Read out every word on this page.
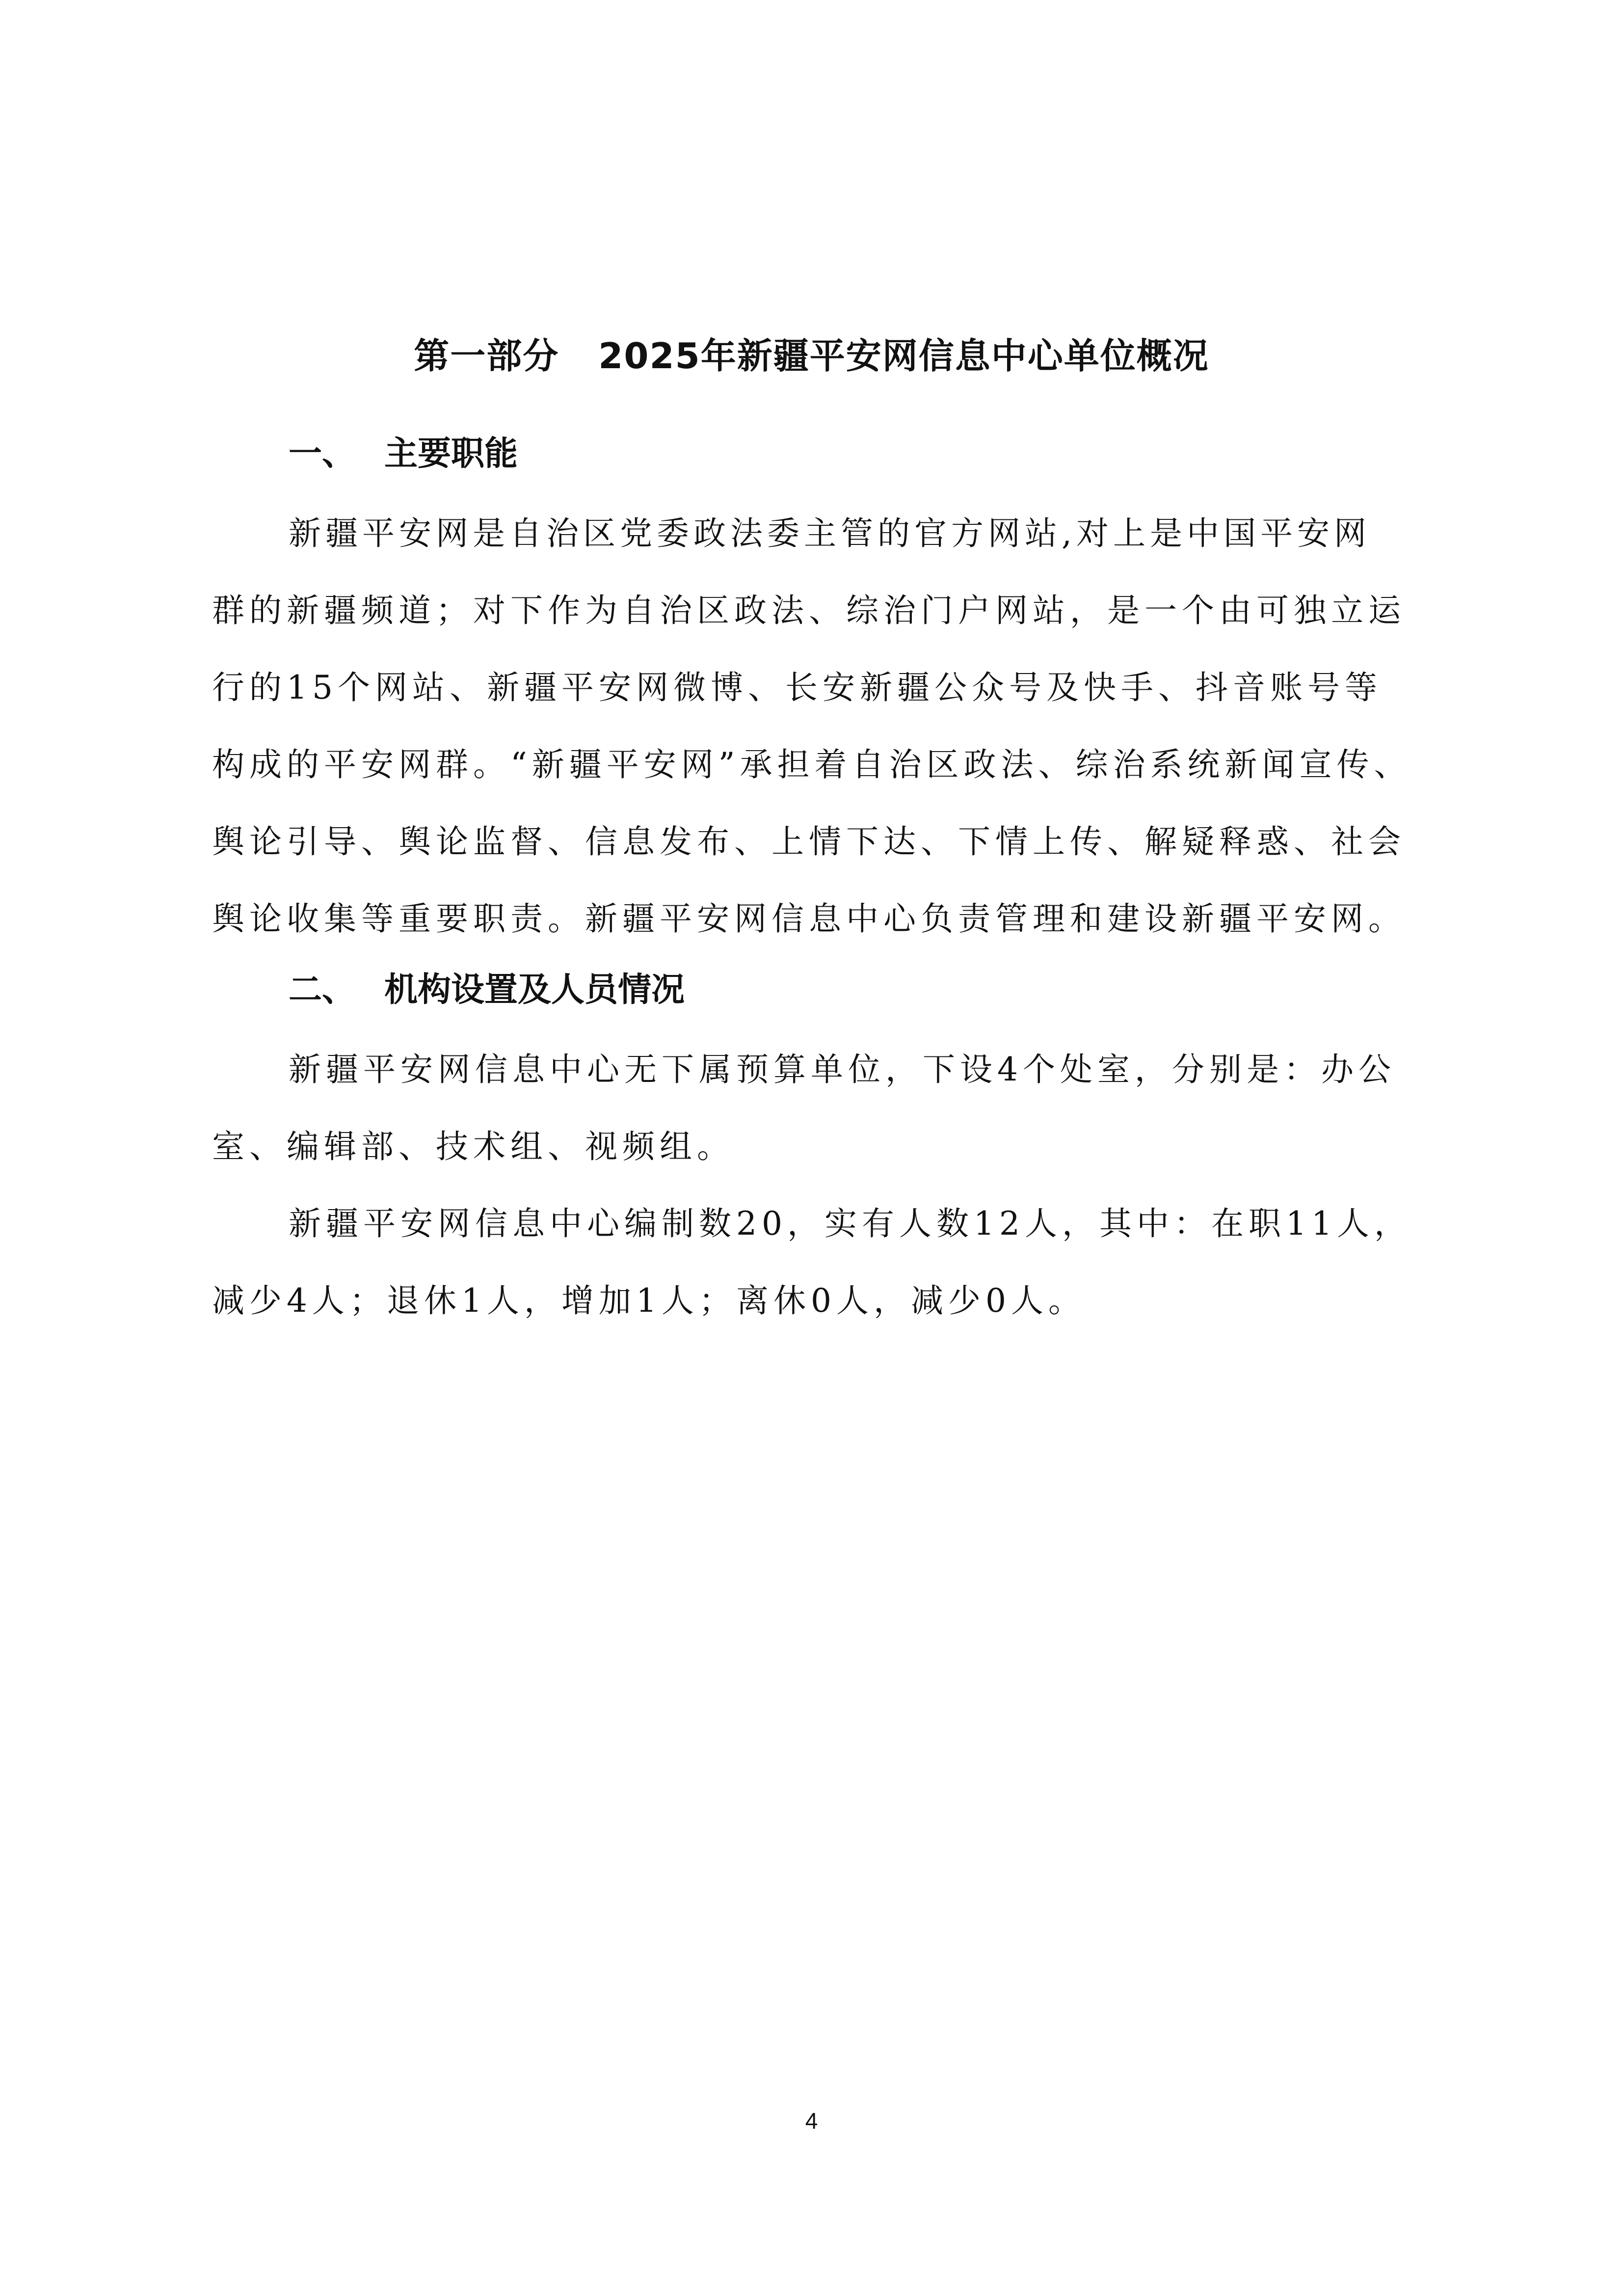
第一部分 2025年新疆平安网信息中心单位概况
一、 主要职能
新疆平安网是自治区党委政法委主管的官方网站,对上是中国平安网
群的新疆频道；对下作为自治区政法、综治门户网站，是一个由可独立运
行的15个网站、新疆平安网微博、长安新疆公众号及快手、抖音账号等
构成的平安网群。“新疆平安网”承担着自治区政法、综治系统新闻宣传、
舆论引导、舆论监督、信息发布、上情下达、下情上传、解疑释惑、社会
舆论收集等重要职责。新疆平安网信息中心负责管理和建设新疆平安网。
二、 机构设置及人员情况
新疆平安网信息中心无下属预算单位，下设4个处室，分别是：办公
室、编辑部、技术组、视频组。
新疆平安网信息中心编制数20，实有人数12人，其中：在职11人，
减少4人；退休1人，增加1人；离休0人，减少0人。
4
